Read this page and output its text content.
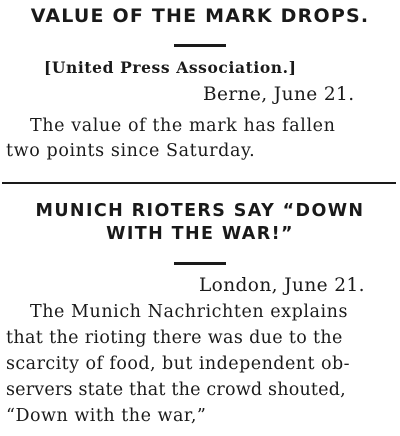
VALUE OF THE MARK DROPS.
[United Press Association.]
Berne, June 21.
The value of the mark has fallen
two points since Saturday.
MUNICH RIOTERS SAY “DOWN
WITH THE WAR!”
London, June 21.
The Munich Nachrichten explains
that the rioting there was due to the
scarcity of food, but independent ob-
servers state that the crowd shouted,
“Down with the war,”
